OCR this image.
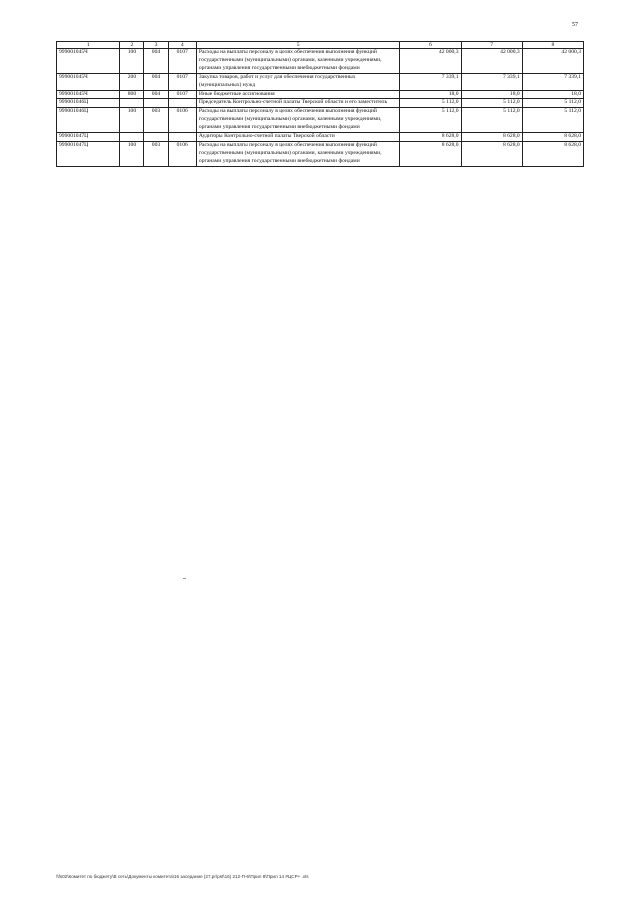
57
1	2	3	4	5	6	7	8
999001045Ч	100	004	0107	Расходы на выплаты персоналу в целях обеспечения выполнения функций государственными (муниципальными) органами, казенными учреждениями, органами управления государственными внебюджетными фондами	42 000,3	42 000,3	42 000,3
999001045Ч	200	004	0107	Закупка товаров, работ и услуг для обеспечения государственных (муниципальных) нужд	7 339,1	7 339,1	7 339,1
999001045Ч	800	004	0107	Иные бюджетные ассигнования	18,0	18,0	18,0
999001046Ц				Председатель Контрольно-счетной палаты Тверской области и его заместитель	5 112,0	5 112,0	5 112,0
999001046Ц	100	003	0106	Расходы на выплаты персоналу в целях обеспечения выполнения функций государственными (муниципальными) органами, казенными учреждениями, органами управления государственными внебюджетными фондами	5 112,0	5 112,0	5 112,0
999001047Ц				Аудиторы Контрольно-счетной палаты Тверской области	8 628,0	8 628,0	8 628,0
999001047Ц	100	003	0106	Расходы на выплаты персоналу в целях обеспечения выполнения функций государственными (муниципальными) органами, казенными учреждениями, органами управления государственными внебюджетными фондами	8 628,0	8 628,0	8 628,0
\\fs02\Комитет по бюджету\В сеть\Документы комитета\16 заседание (27.pr\pst\16) 212-П-6\Прил 8\Прил 14 #ЦСР+ .xls
